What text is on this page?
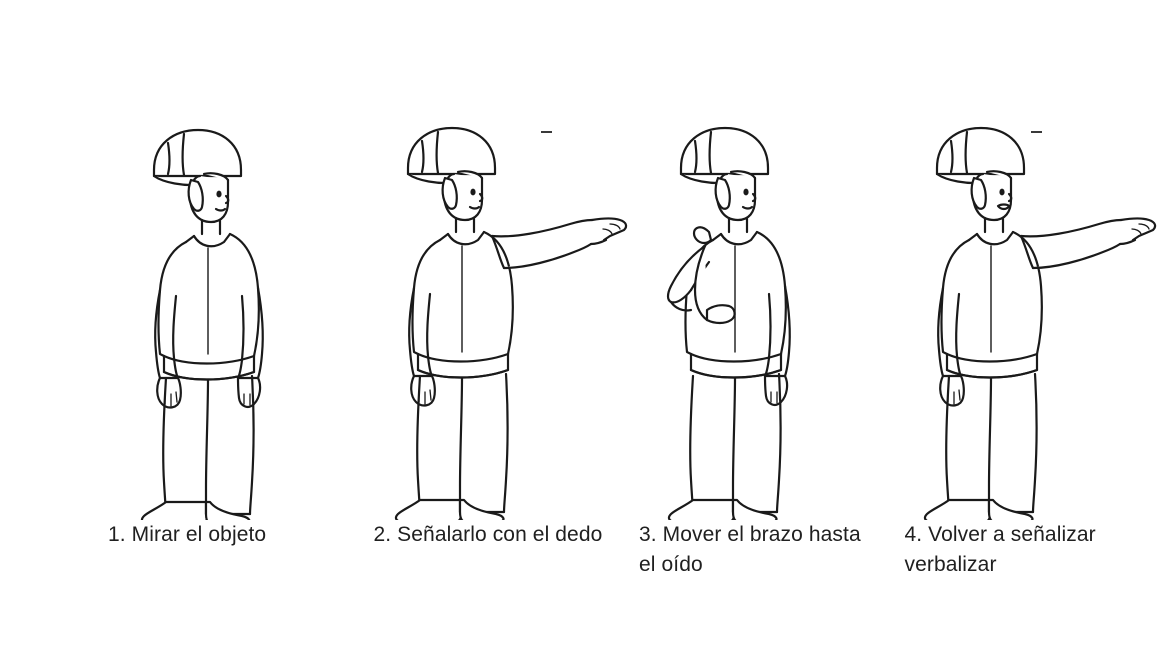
1. Mirar el objeto	2. Señalarlo con el dedo	3. Mover el brazo hasta
el oído
4. Volver a señalizar
verbalizar
